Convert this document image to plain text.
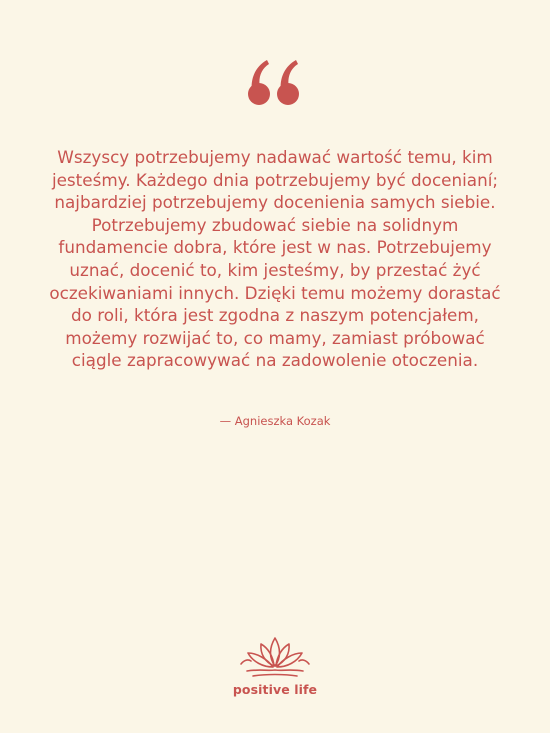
Wszyscy potrzebujemy nadawać wartość temu, kim jesteśmy. Każdego dnia potrzebujemy być docenianí; najbardziej potrzebujemy docenienia samych siebie. Potrzebujemy zbudować siebie na solidnym fundamencie dobra, które jest w nas. Potrzebujemy uznać, docenić to, kim jesteśmy, by przestać żyć oczekiwaniami innych. Dzięki temu możemy dorastać do roli, która jest zgodna z naszym potencjałem, możemy rozwijać to, co mamy, zamiast próbować ciągle zapracowywać na zadowolenie otoczenia.

— Agnieszka Kozak

positive life
